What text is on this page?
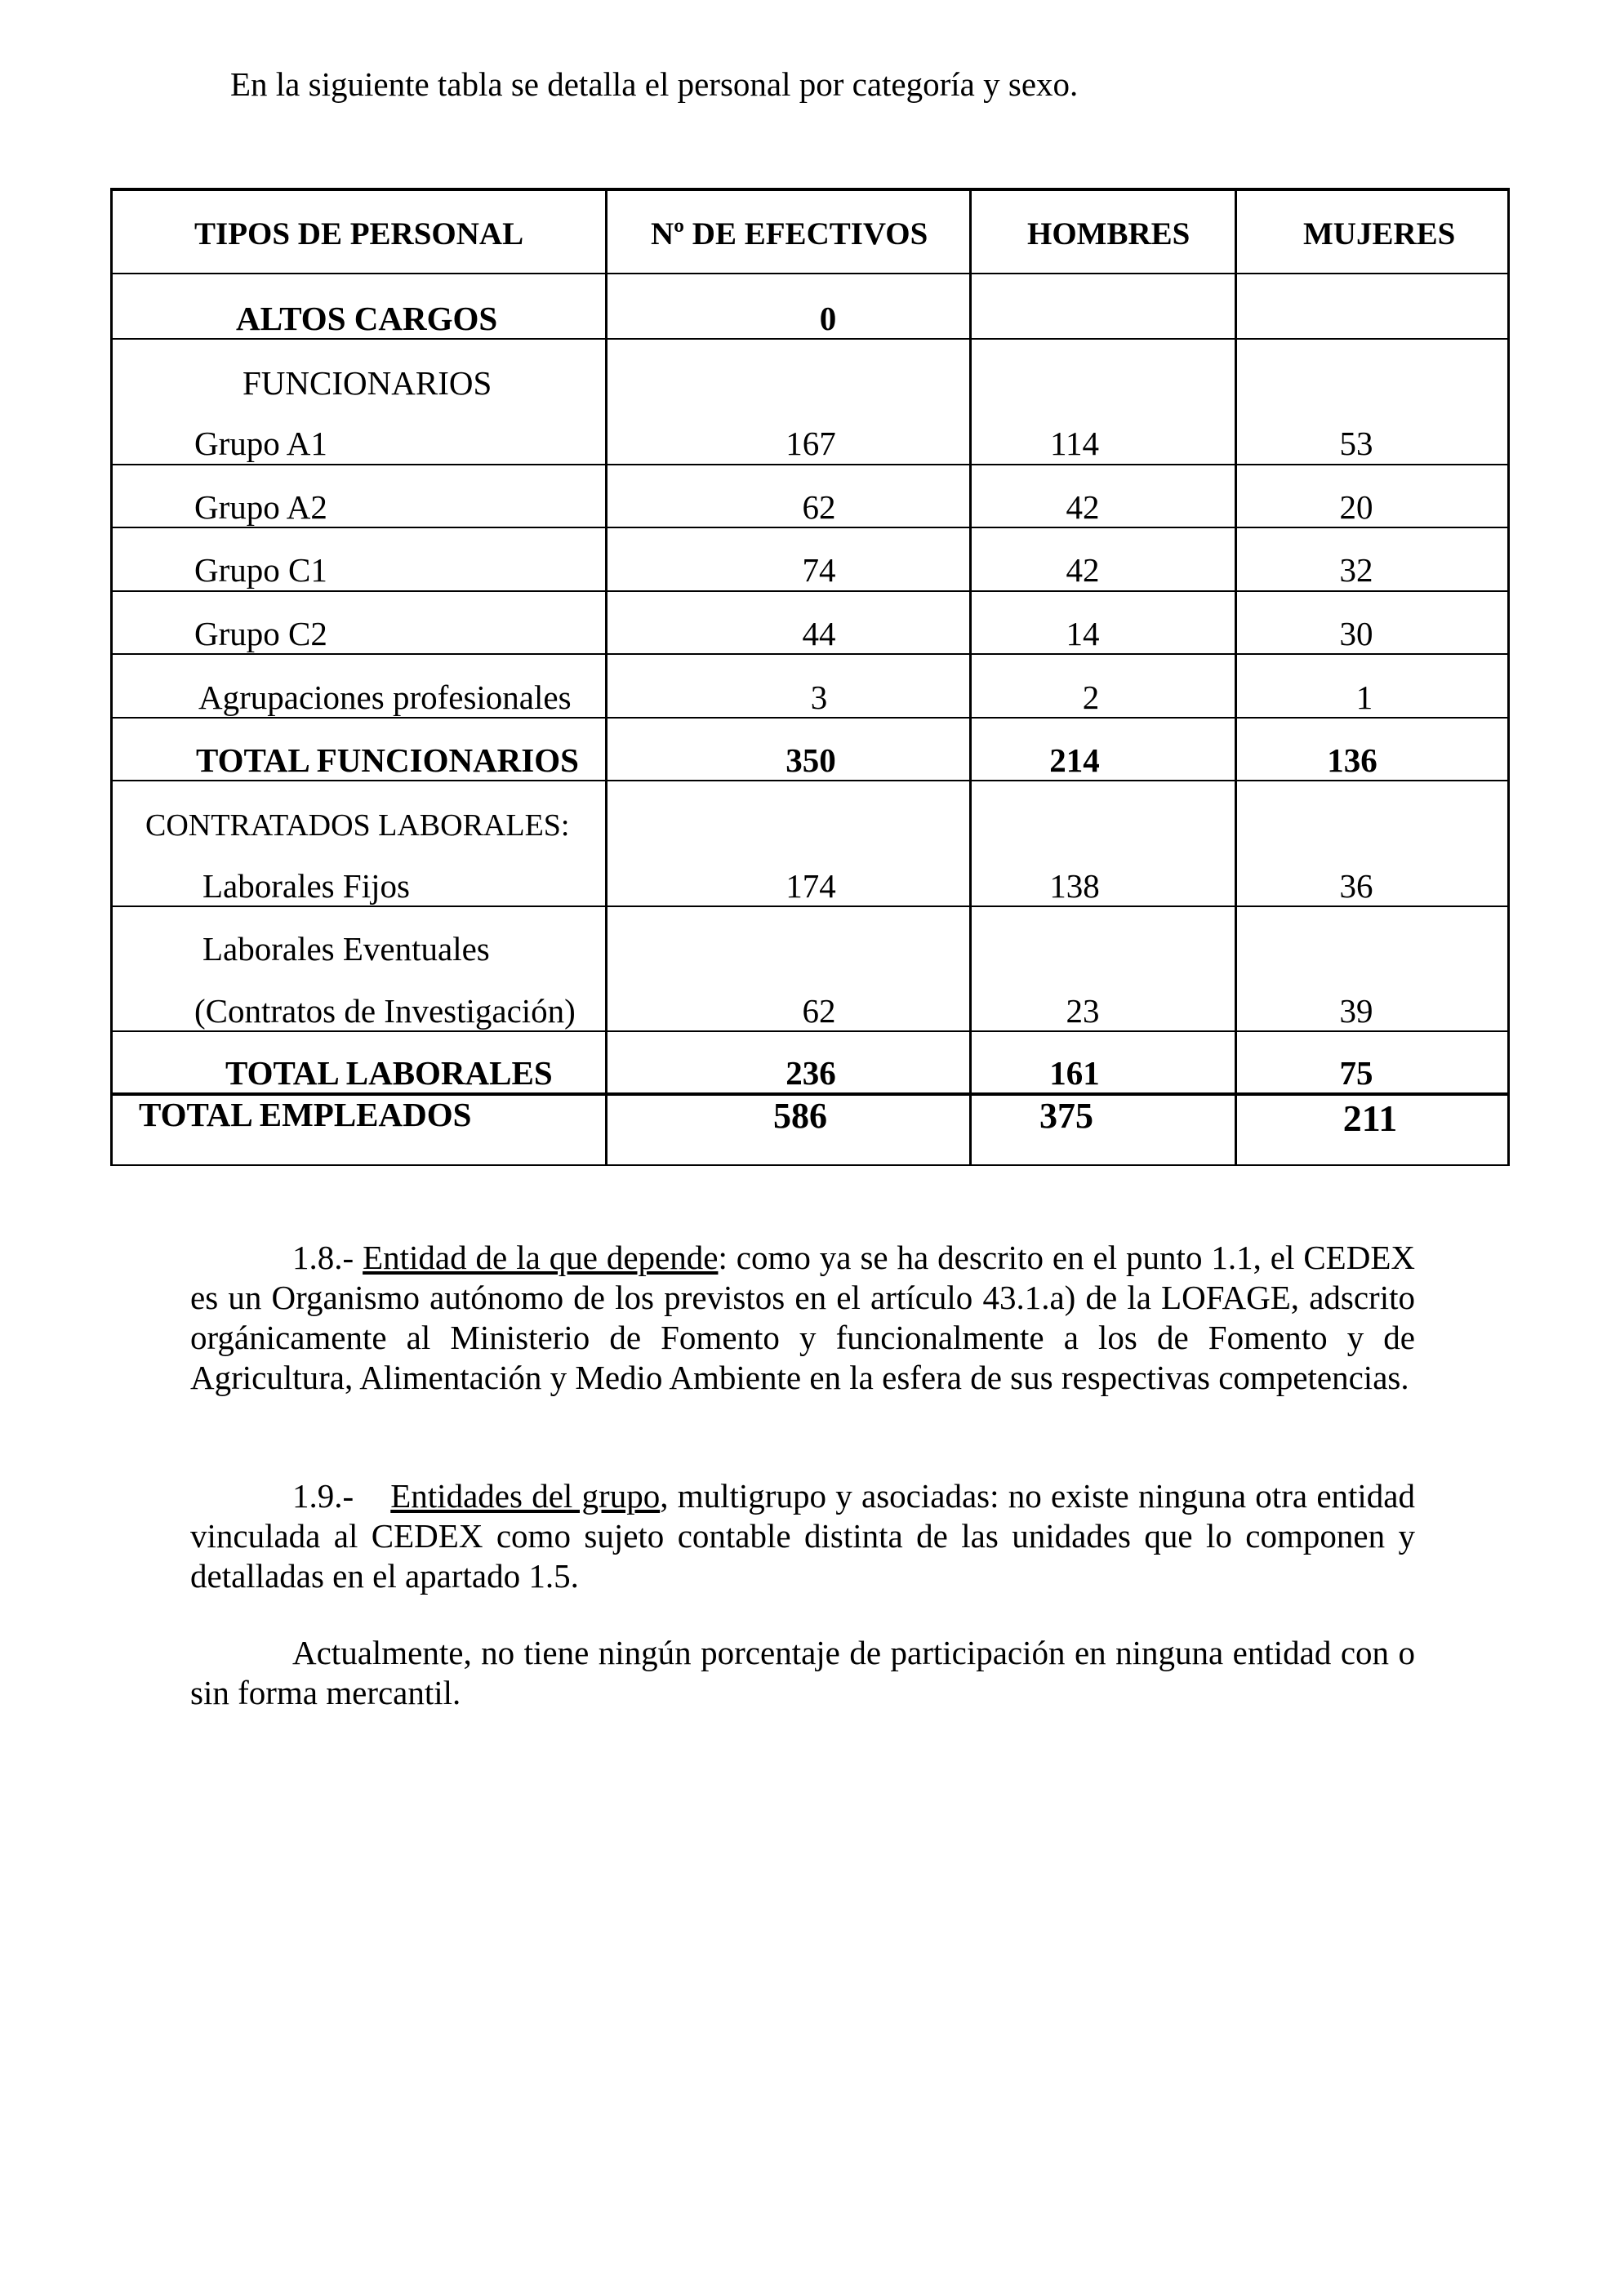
En la siguiente tabla se detalla el personal por categoría y sexo.
TIPOS DE PERSONAL	Nº DE EFECTIVOS	HOMBRES	MUJERES
ALTOS CARGOS	0
FUNCIONARIOS
Grupo A1	167	114	53
Grupo A2	62	42	20
Grupo C1	74	42	32
Grupo C2	44	14	30
Agrupaciones profesionales	3	2	1
TOTAL FUNCIONARIOS	350	214	136
CONTRATADOS LABORALES:
Laborales Fijos	174	138	36
Laborales Eventuales
(Contratos de Investigación)	62	23	39
TOTAL LABORALES	236	161	75
TOTAL EMPLEADOS	586	375	211
1.8.- Entidad de la que depende: como ya se ha descrito en el punto 1.1, el CEDEX es un Organismo autónomo de los previstos en el artículo 43.1.a) de la LOFAGE, adscrito orgánicamente al Ministerio de Fomento y funcionalmente a los de Fomento y de Agricultura, Alimentación y Medio Ambiente en la esfera de sus respectivas competencias.
1.9.- Entidades del grupo, multigrupo y asociadas: no existe ninguna otra entidad vinculada al CEDEX como sujeto contable distinta de las unidades que lo componen y detalladas en el apartado 1.5.
Actualmente, no tiene ningún porcentaje de participación en ninguna entidad con o sin forma mercantil.
